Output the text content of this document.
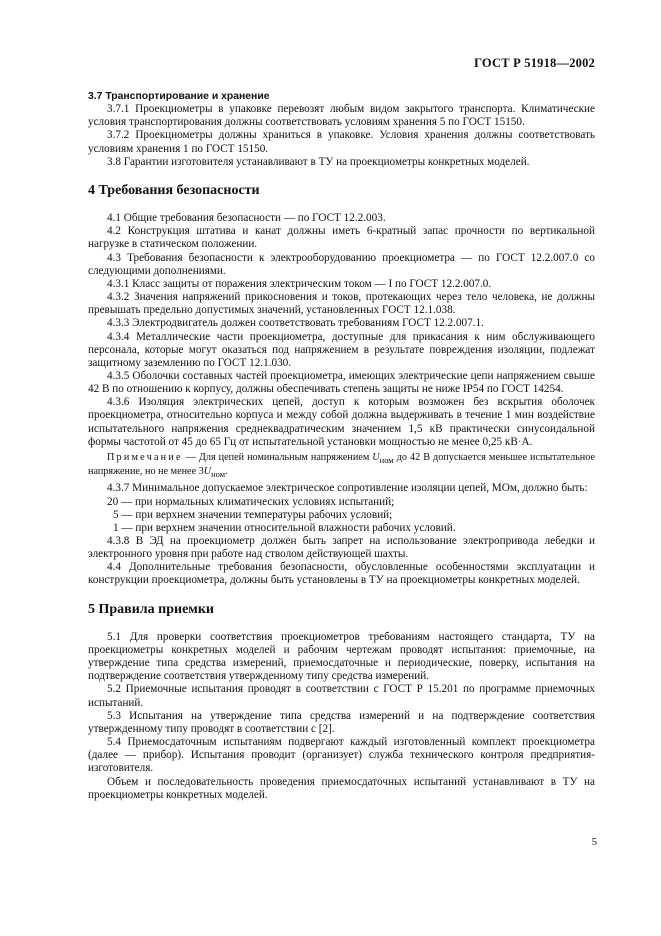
ГОСТ Р 51918—2002

3.7 Транспортирование и хранение

3.7.1 Проекциометры в упаковке перевозят любым видом закрытого транспорта. Климатические условия транспортирования должны соответствовать условиям хранения 5 по ГОСТ 15150.

3.7.2 Проекциометры должны храниться в упаковке. Условия хранения должны соответствовать условиям хранения 1 по ГОСТ 15150.

3.8 Гарантии изготовителя устанавливают в ТУ на проекциометры конкретных моделей.

4 Требования безопасности

4.1 Общие требования безопасности — по ГОСТ 12.2.003.

4.2 Конструкция штатива и канат должны иметь 6-кратный запас прочности по вертикальной нагрузке в статическом положении.

4.3 Требования безопасности к электрооборудованию проекциометра — по ГОСТ 12.2.007.0 со следующими дополнениями.

4.3.1 Класс защиты от поражения электрическим током — I по ГОСТ 12.2.007.0.

4.3.2 Значения напряжений прикосновения и токов, протекающих через тело человека, не должны превышать предельно допустимых значений, установленных ГОСТ 12.1.038.

4.3.3 Электродвигатель должен соответствовать требованиям ГОСТ 12.2.007.1.

4.3.4 Металлические части проекциометра, доступные для прикасания к ним обслуживающего персонала, которые могут оказаться под напряжением в результате повреждения изоляции, подлежат защитному заземлению по ГОСТ 12.1.030.

4.3.5 Оболочки составных частей проекциометра, имеющих электрические цепи напряжением свыше 42 В по отношению к корпусу, должны обеспечивать степень защиты не ниже IP54 по ГОСТ 14254.

4.3.6 Изоляция электрических цепей, доступ к которым возможен без вскрытия оболочек проекциометра, относительно корпуса и между собой должна выдерживать в течение 1 мин воздействие испытательного напряжения среднеквадратическим значением 1,5 кВ практически синусоидальной формы частотой от 45 до 65 Гц от испытательной установки мощностью не менее 0,25 кВ·А.

Примечание — Для цепей номинальным напряжением $U_{ном}$ до 42 В допускается меньшее испытательное напряжение, но не менее $3U_{ном}$.

4.3.7 Минимальное допускаемое электрическое сопротивление изоляции цепей, МОм, должно быть:

20 — при нормальных климатических условиях испытаний;

5 — при верхнем значении температуры рабочих условий;

1 — при верхнем значении относительной влажности рабочих условий.

4.3.8 В ЭД на проекциометр должен быть запрет на использование электропривода лебедки и электронного уровня при работе над стволом действующей шахты.

4.4 Дополнительные требования безопасности, обусловленные особенностями эксплуатации и конструкции проекциометра, должны быть установлены в ТУ на проекциометры конкретных моделей.

5 Правила приемки

5.1 Для проверки соответствия проекциометров требованиям настоящего стандарта, ТУ на проекциометры конкретных моделей и рабочим чертежам проводят испытания: приемочные, на утверждение типа средства измерений, приемосдаточные и периодические, поверку, испытания на подтверждение соответствия утвержденному типу средства измерений.

5.2 Приемочные испытания проводят в соответствии с ГОСТ Р 15.201 по программе приемочных испытаний.

5.3 Испытания на утверждение типа средства измерений и на подтверждение соответствия утвержденному типу проводят в соответствии с [2].

5.4 Приемосдаточным испытаниям подвергают каждый изготовленный комплект проекциометра (далее — прибор). Испытания проводит (организует) служба технического контроля предприятия-изготовителя.

Объем и последовательность проведения приемосдаточных испытаний устанавливают в ТУ на проекциометры конкретных моделей.

5
